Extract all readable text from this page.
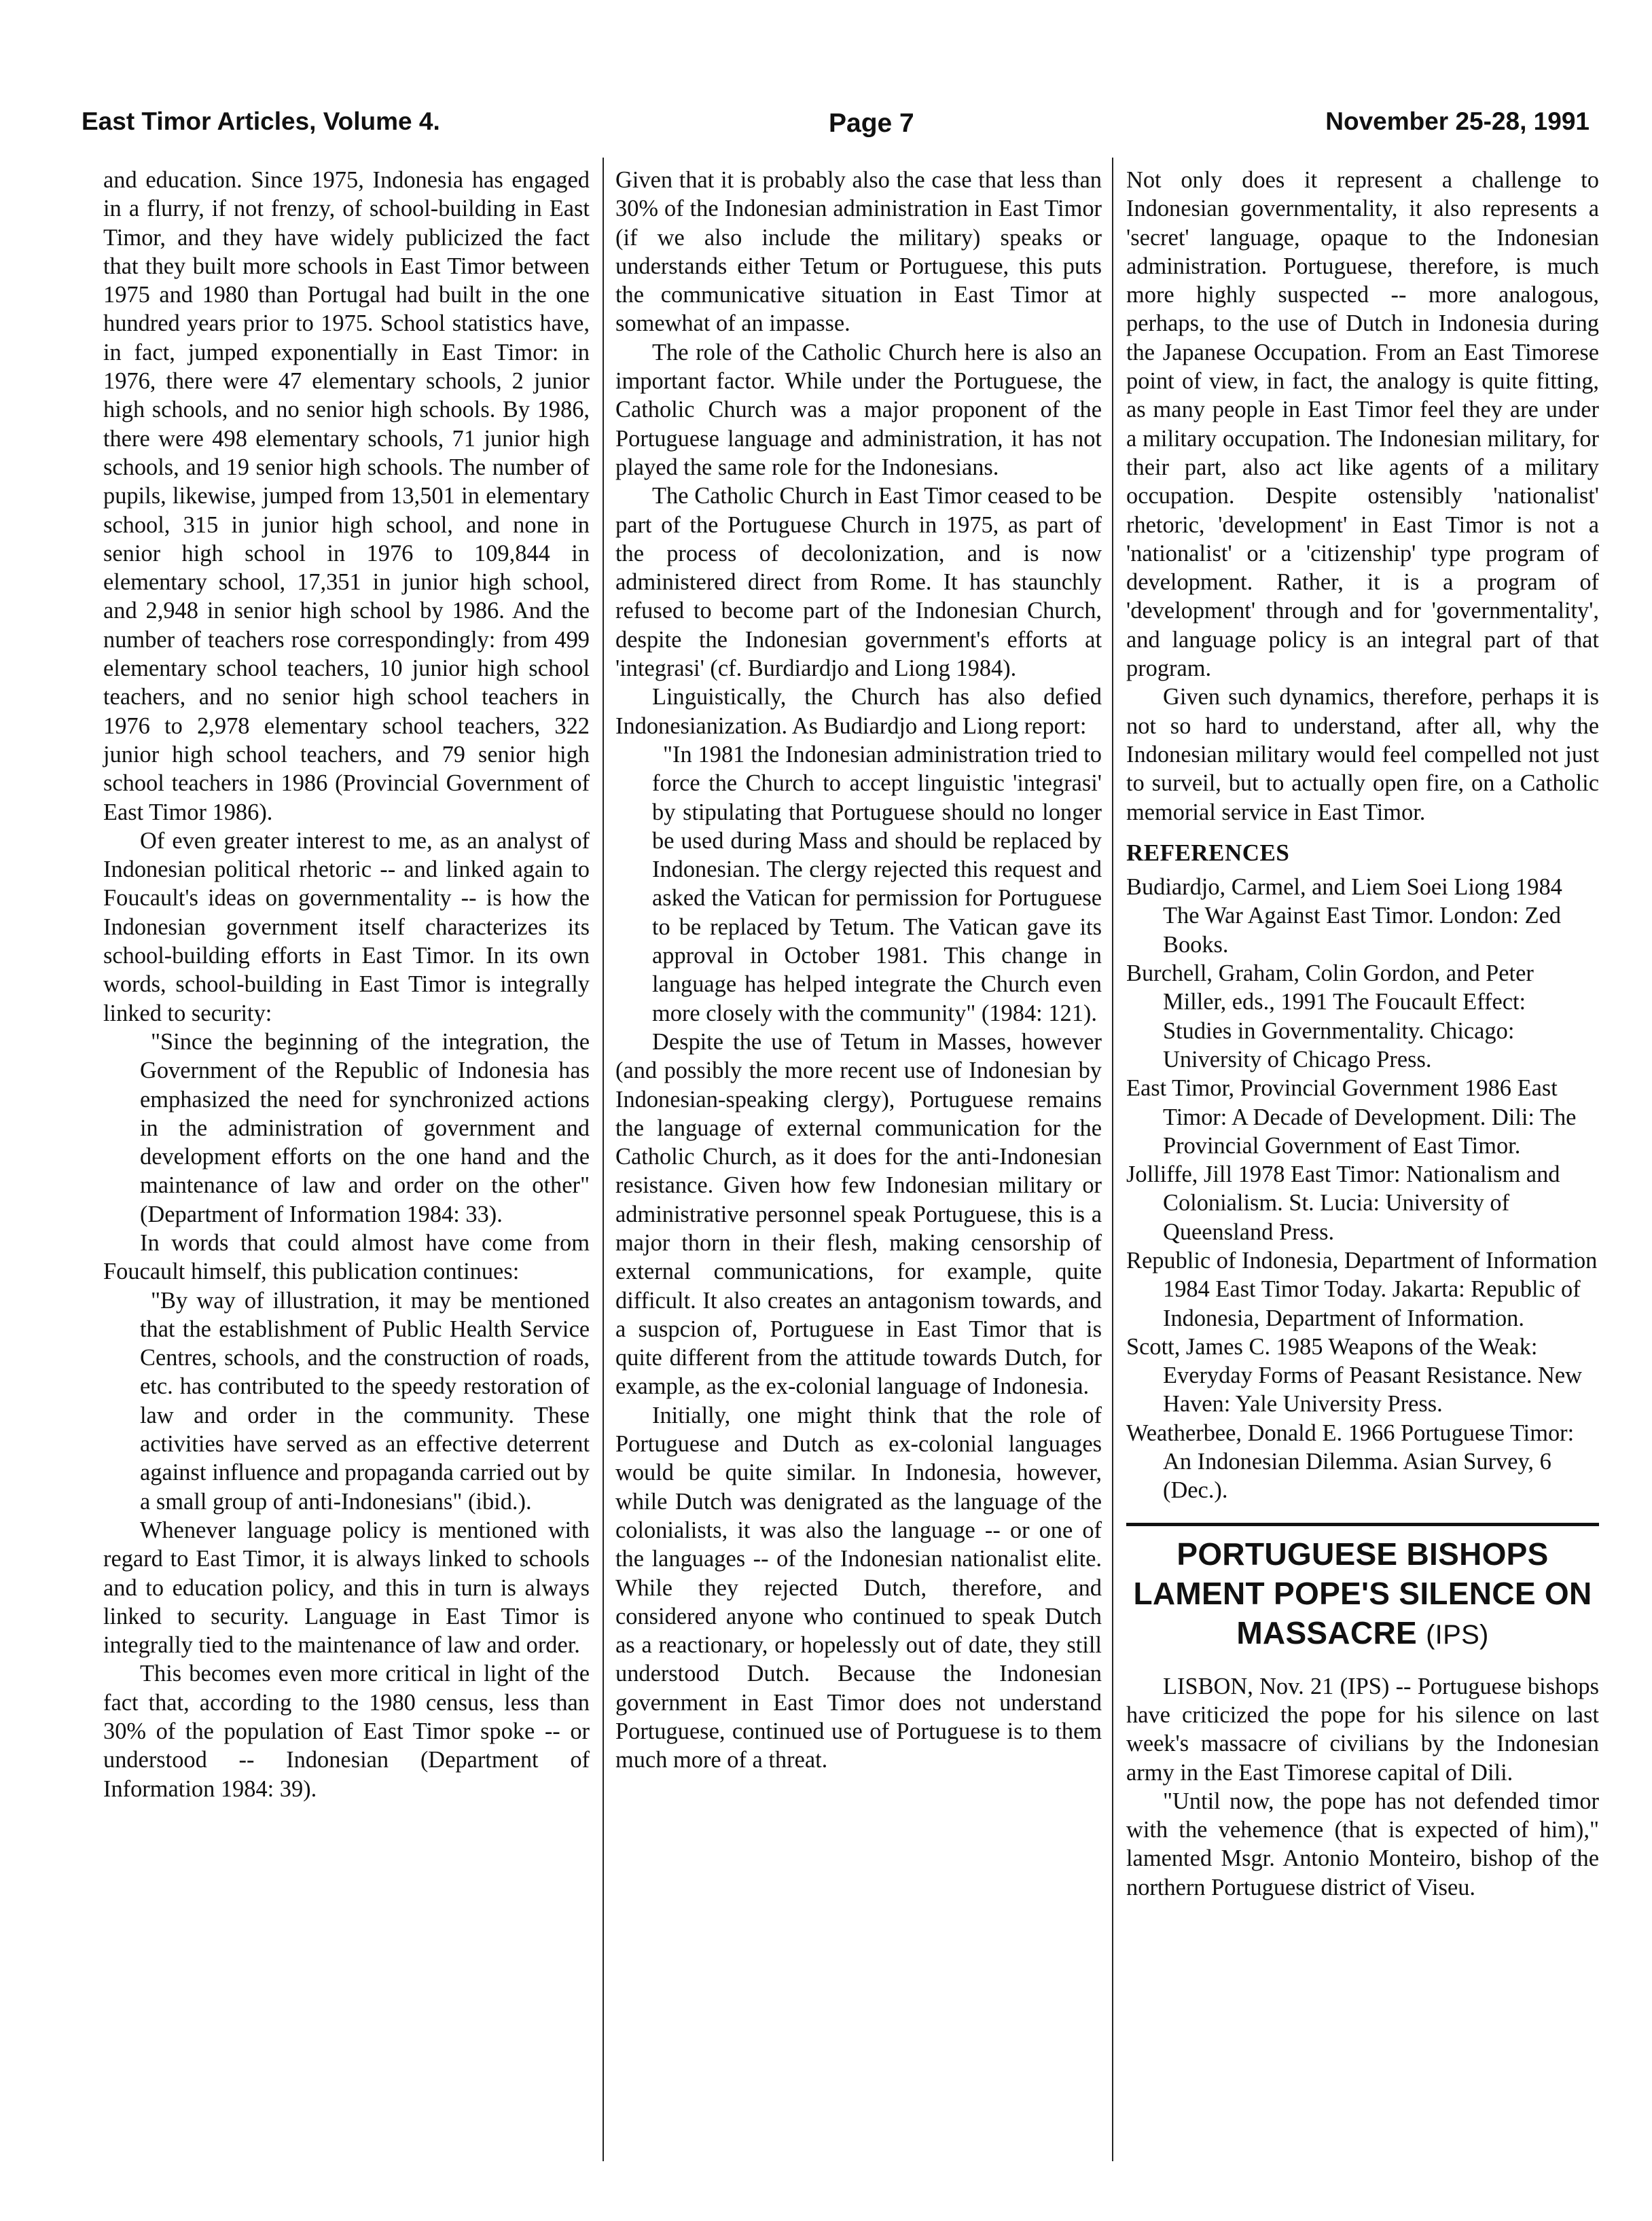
East Timor Articles, Volume 4.	Page 7	November 25-28, 1991

and education. Since 1975, Indonesia has engaged in a flurry, if not frenzy, of school-building in East Timor, and they have widely publicized the fact that they built more schools in East Timor between 1975 and 1980 than Portugal had built in the one hundred years prior to 1975. School statistics have, in fact, jumped exponentially in East Timor: in 1976, there were 47 elementary schools, 2 junior high schools, and no senior high schools. By 1986, there were 498 elementary schools, 71 junior high schools, and 19 senior high schools. The number of pupils, likewise, jumped from 13,501 in elementary school, 315 in junior high school, and none in senior high school in 1976 to 109,844 in elementary school, 17,351 in junior high school, and 2,948 in senior high school by 1986. And the number of teachers rose correspondingly: from 499 elementary school teachers, 10 junior high school teachers, and no senior high school teachers in 1976 to 2,978 elementary school teachers, 322 junior high school teachers, and 79 senior high school teachers in 1986 (Provincial Government of East Timor 1986).

Of even greater interest to me, as an analyst of Indonesian political rhetoric -- and linked again to Foucault's ideas on governmentality -- is how the Indonesian government itself characterizes its school-building efforts in East Timor. In its own words, school-building in East Timor is integrally linked to security:

"Since the beginning of the integration, the Government of the Republic of Indonesia has emphasized the need for synchronized actions in the administration of government and development efforts on the one hand and the maintenance of law and order on the other" (Department of Information 1984: 33).

In words that could almost have come from Foucault himself, this publication continues:

"By way of illustration, it may be mentioned that the establishment of Public Health Service Centres, schools, and the construction of roads, etc. has contributed to the speedy restoration of law and order in the community. These activities have served as an effective deterrent against influence and propaganda carried out by a small group of anti-Indonesians" (ibid.).

Whenever language policy is mentioned with regard to East Timor, it is always linked to schools and to education policy, and this in turn is always linked to security. Language in East Timor is integrally tied to the maintenance of law and order.

This becomes even more critical in light of the fact that, according to the 1980 census, less than 30% of the population of East Timor spoke -- or understood -- Indonesian (Department of Information 1984: 39).

Given that it is probably also the case that less than 30% of the Indonesian administration in East Timor (if we also include the military) speaks or understands either Tetum or Portuguese, this puts the communicative situation in East Timor at somewhat of an impasse.

The role of the Catholic Church here is also an important factor. While under the Portuguese, the Catholic Church was a major proponent of the Portuguese language and administration, it has not played the same role for the Indonesians.

The Catholic Church in East Timor ceased to be part of the Portuguese Church in 1975, as part of the process of decolonization, and is now administered direct from Rome. It has staunchly refused to become part of the Indonesian Church, despite the Indonesian government's efforts at 'integrasi' (cf. Burdiardjo and Liong 1984).

Linguistically, the Church has also defied Indonesianization. As Budiardjo and Liong report:

"In 1981 the Indonesian administration tried to force the Church to accept linguistic 'integrasi' by stipulating that Portuguese should no longer be used during Mass and should be replaced by Indonesian. The clergy rejected this request and asked the Vatican for permission for Portuguese to be replaced by Tetum. The Vatican gave its approval in October 1981. This change in language has helped integrate the Church even more closely with the community" (1984: 121).

Despite the use of Tetum in Masses, however (and possibly the more recent use of Indonesian by Indonesian-speaking clergy), Portuguese remains the language of external communication for the Catholic Church, as it does for the anti-Indonesian resistance. Given how few Indonesian military or administrative personnel speak Portuguese, this is a major thorn in their flesh, making censorship of external communications, for example, quite difficult. It also creates an antagonism towards, and a suspcion of, Portuguese in East Timor that is quite different from the attitude towards Dutch, for example, as the ex-colonial language of Indonesia.

Initially, one might think that the role of Portuguese and Dutch as ex-colonial languages would be quite similar. In Indonesia, however, while Dutch was denigrated as the language of the colonialists, it was also the language -- or one of the languages -- of the Indonesian nationalist elite. While they rejected Dutch, therefore, and considered anyone who continued to speak Dutch as a reactionary, or hopelessly out of date, they still understood Dutch. Because the Indonesian government in East Timor does not understand Portuguese, continued use of Portuguese is to them much more of a threat.

Not only does it represent a challenge to Indonesian governmentality, it also represents a 'secret' language, opaque to the Indonesian administration. Portuguese, therefore, is much more highly suspected -- more analogous, perhaps, to the use of Dutch in Indonesia during the Japanese Occupation. From an East Timorese point of view, in fact, the analogy is quite fitting, as many people in East Timor feel they are under a military occupation. The Indonesian military, for their part, also act like agents of a military occupation. Despite ostensibly 'nationalist' rhetoric, 'development' in East Timor is not a 'nationalist' or a 'citizenship' type program of development. Rather, it is a program of 'development' through and for 'governmentality', and language policy is an integral part of that program.

Given such dynamics, therefore, perhaps it is not so hard to understand, after all, why the Indonesian military would feel compelled not just to surveil, but to actually open fire, on a Catholic memorial service in East Timor.

REFERENCES

Budiardjo, Carmel, and Liem Soei Liong 1984 The War Against East Timor. London: Zed Books.

Burchell, Graham, Colin Gordon, and Peter Miller, eds., 1991 The Foucault Effect: Studies in Governmentality. Chicago: University of Chicago Press.

East Timor, Provincial Government 1986 East Timor: A Decade of Development. Dili: The Provincial Government of East Timor.

Jolliffe, Jill 1978 East Timor: Nationalism and Colonialism. St. Lucia: University of Queensland Press.

Republic of Indonesia, Department of Information 1984 East Timor Today. Jakarta: Republic of Indonesia, Department of Information.

Scott, James C. 1985 Weapons of the Weak: Everyday Forms of Peasant Resistance. New Haven: Yale University Press.

Weatherbee, Donald E. 1966 Portuguese Timor: An Indonesian Dilemma. Asian Survey, 6 (Dec.).

PORTUGUESE BISHOPS LAMENT POPE'S SILENCE ON MASSACRE (IPS)

LISBON, Nov. 21 (IPS) -- Portuguese bishops have criticized the pope for his silence on last week's massacre of civilians by the Indonesian army in the East Timorese capital of Dili.

"Until now, the pope has not defended timor with the vehemence (that is expected of him)," lamented Msgr. Antonio Monteiro, bishop of the northern Portuguese district of Viseu.
